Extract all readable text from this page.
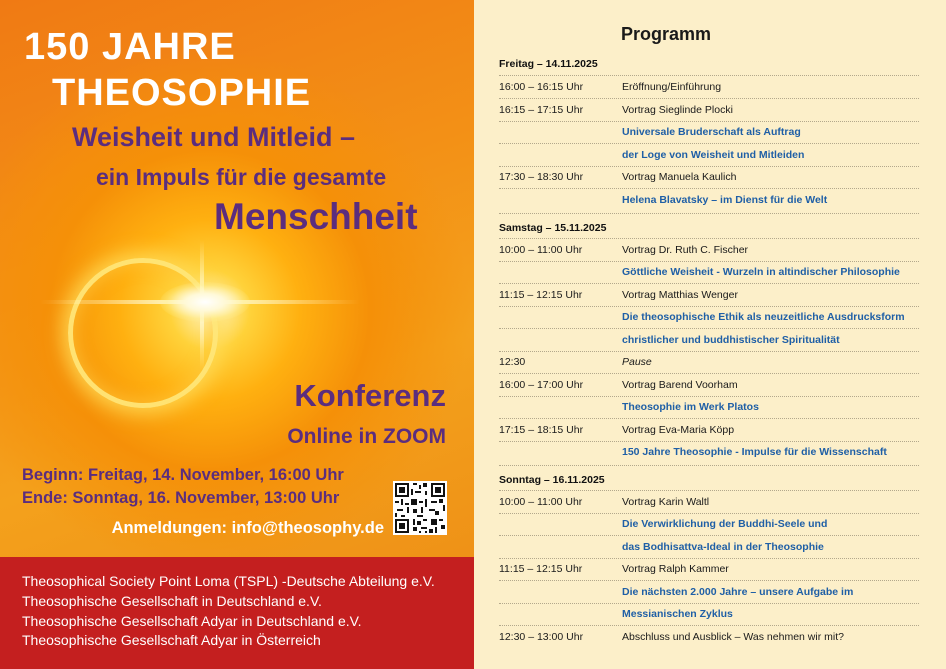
150 JAHRE
THEOSOPHIE
Weisheit und Mitleid –
ein Impuls für die gesamte
Menschheit
Konferenz
Online in ZOOM
Beginn: Freitag, 14. November, 16:00 Uhr
Ende: Sonntag, 16. November, 13:00 Uhr
Anmeldungen: info@theosophy.de
Theosophical Society Point Loma (TSPL) -Deutsche Abteilung e.V.
Theosophische Gesellschaft in Deutschland e.V.
Theosophische Gesellschaft Adyar in Deutschland e.V.
Theosophische Gesellschaft Adyar in Österreich
Programm
Freitag – 14.11.2025
16:00 – 16:15 Uhr	Eröffnung/Einführung
16:15 – 17:15 Uhr	Vortrag Sieglinde Plocki
Universale Bruderschaft als Auftrag
der Loge von Weisheit und Mitleiden
17:30 – 18:30 Uhr	Vortrag Manuela Kaulich
Helena Blavatsky – im Dienst für die Welt
Samstag – 15.11.2025
10:00 – 11:00 Uhr	Vortrag Dr. Ruth C. Fischer
Göttliche Weisheit - Wurzeln in altindischer Philosophie
11:15 – 12:15 Uhr	Vortrag Matthias Wenger
Die theosophische Ethik als neuzeitliche Ausdrucksform
christlicher und buddhistischer Spiritualität
12:30	Pause
16:00 – 17:00 Uhr	Vortrag Barend Voorham
Theosophie im Werk Platos
17:15 – 18:15 Uhr	Vortrag Eva-Maria Köpp
150 Jahre Theosophie - Impulse für die Wissenschaft
Sonntag – 16.11.2025
10:00 – 11:00 Uhr	Vortrag Karin Waltl
Die Verwirklichung der Buddhi-Seele und
das Bodhisattva-Ideal in der Theosophie
11:15 – 12:15 Uhr	Vortrag Ralph Kammer
Die nächsten 2.000 Jahre – unsere Aufgabe im
Messianischen Zyklus
12:30 – 13:00 Uhr	Abschluss und Ausblick – Was nehmen wir mit?
